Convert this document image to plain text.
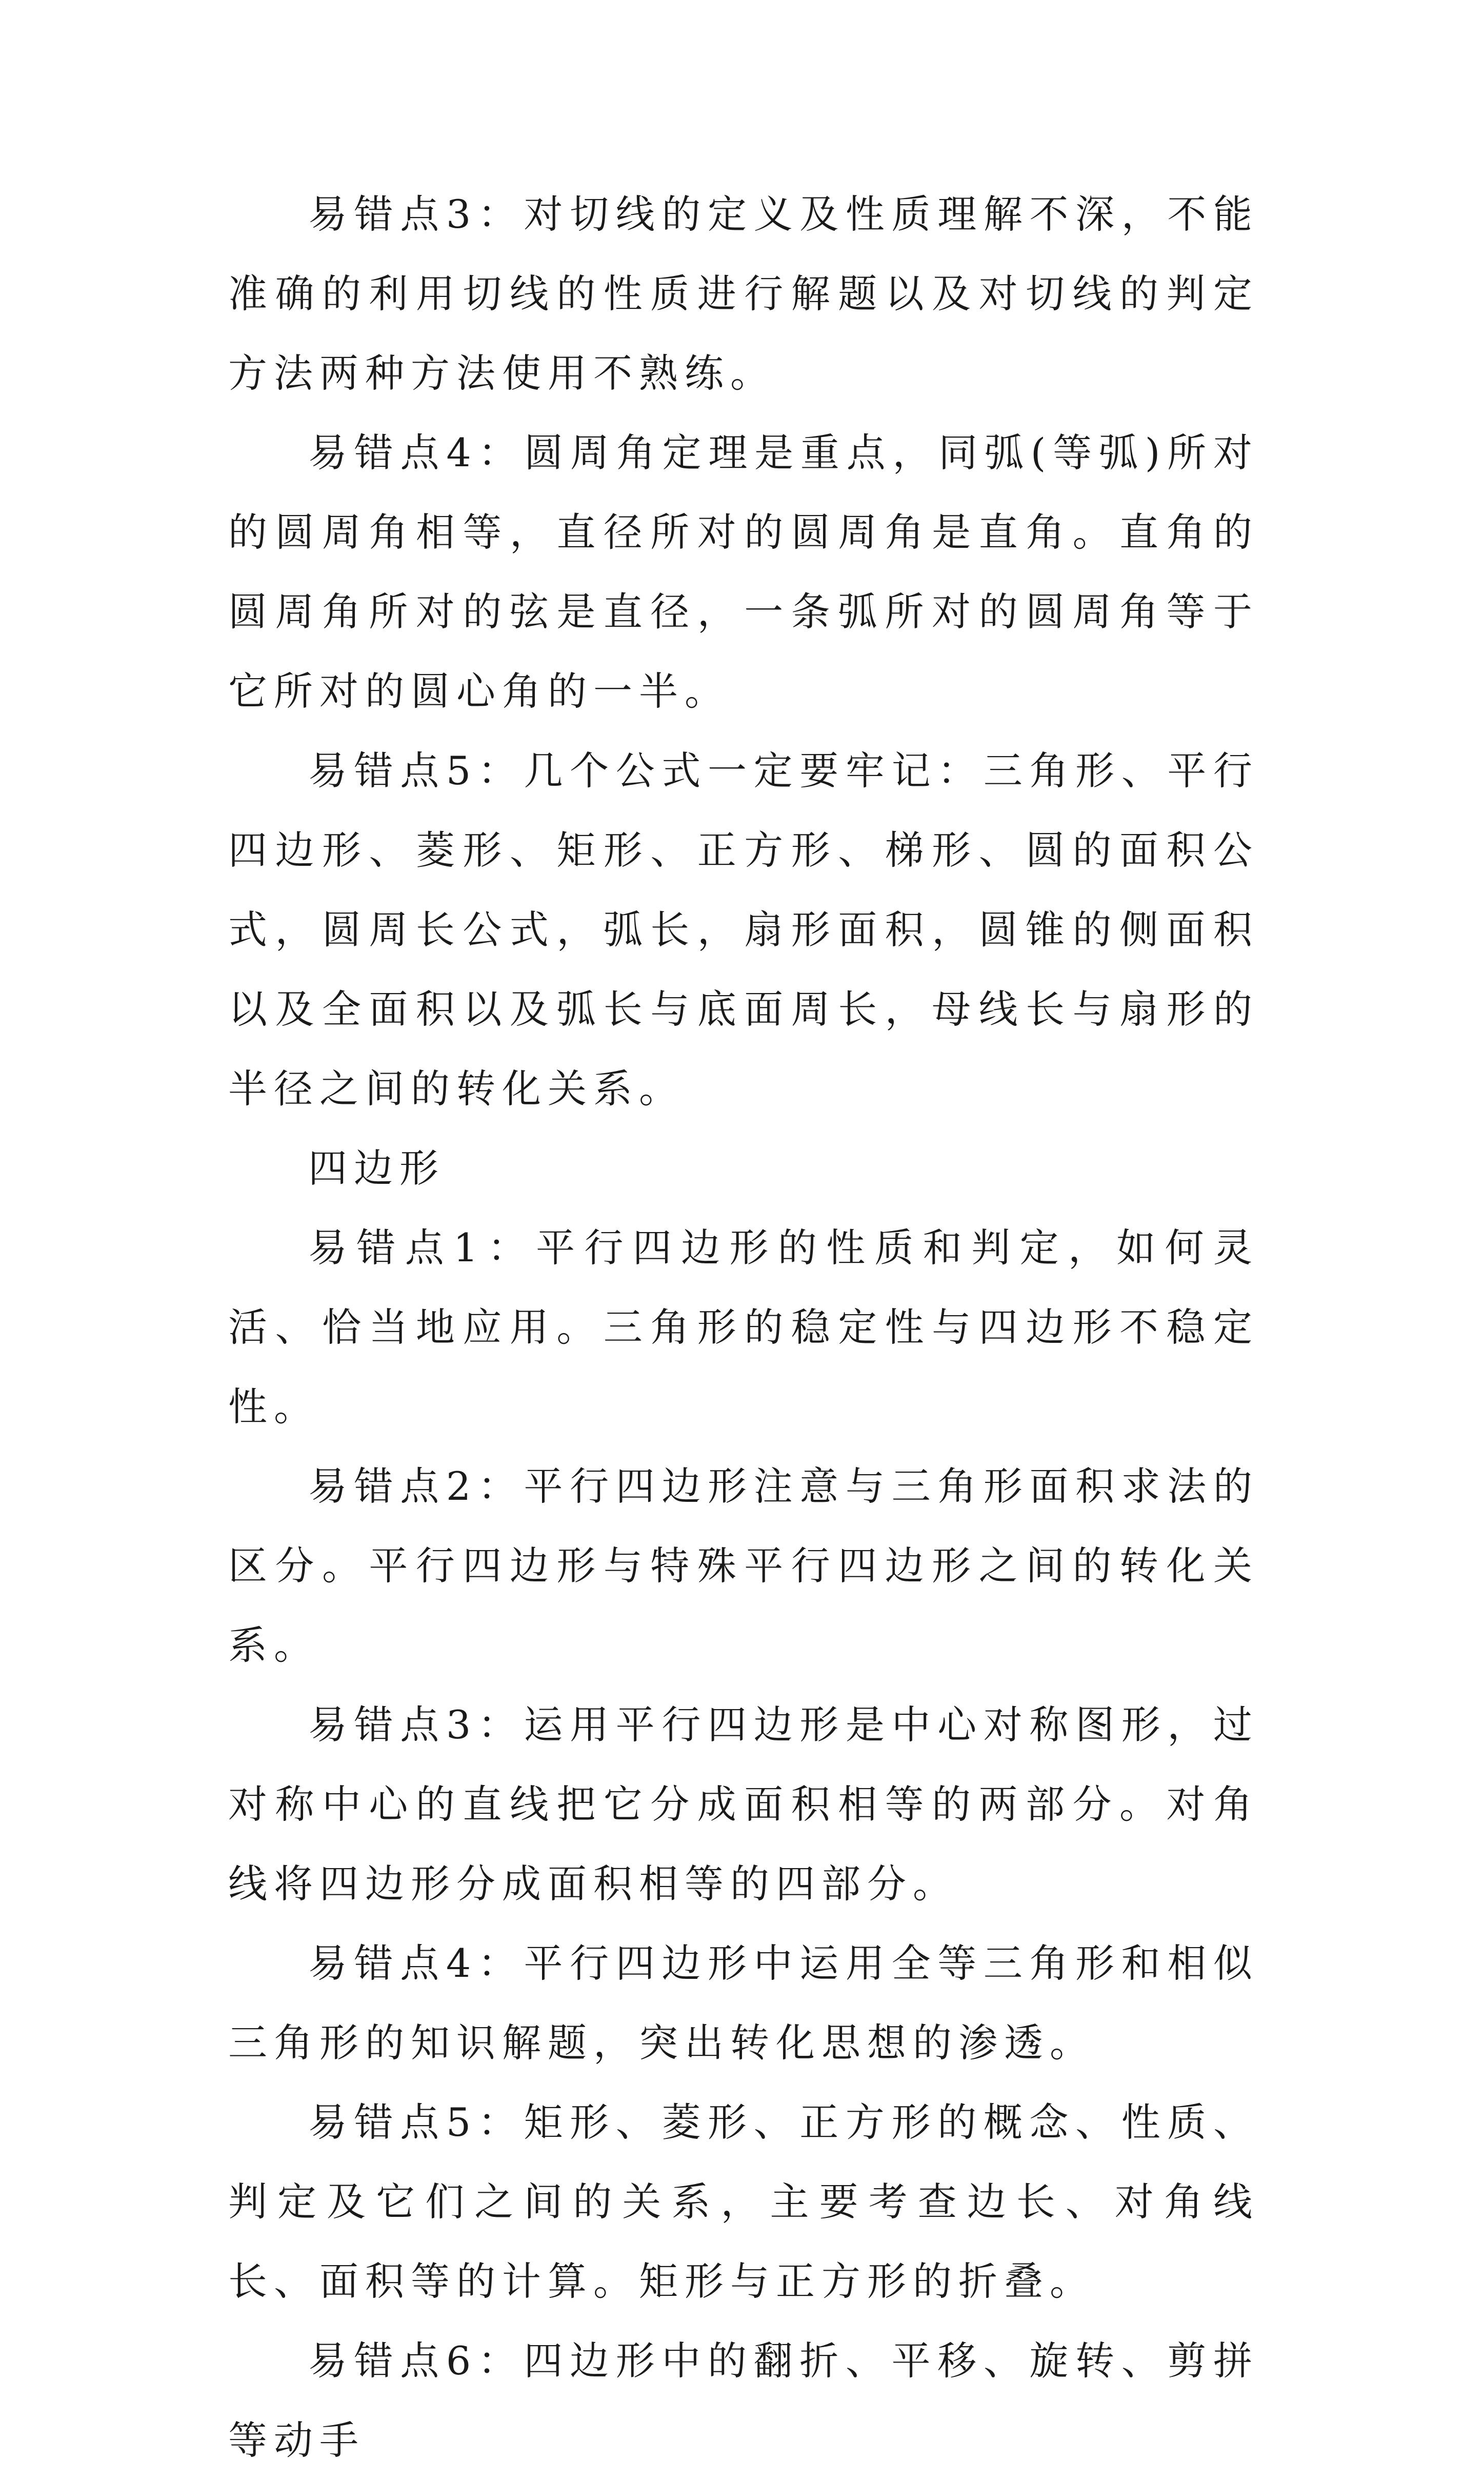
易错点3：对切线的定义及性质理解不深，不能准确的利用切线的性质进行解题以及对切线的判定方法两种方法使用不熟练。

易错点4：圆周角定理是重点，同弧(等弧)所对的圆周角相等，直径所对的圆周角是直角。直角的圆周角所对的弦是直径，一条弧所对的圆周角等于它所对的圆心角的一半。

易错点5：几个公式一定要牢记：三角形、平行四边形、菱形、矩形、正方形、梯形、圆的面积公式，圆周长公式，弧长，扇形面积，圆锥的侧面积以及全面积以及弧长与底面周长，母线长与扇形的半径之间的转化关系。

四边形

易错点1：平行四边形的性质和判定，如何灵活、恰当地应用。三角形的稳定性与四边形不稳定性。

易错点2：平行四边形注意与三角形面积求法的区分。平行四边形与特殊平行四边形之间的转化关系。

易错点3：运用平行四边形是中心对称图形，过对称中心的直线把它分成面积相等的两部分。对角线将四边形分成面积相等的四部分。

易错点4：平行四边形中运用全等三角形和相似三角形的知识解题，突出转化思想的渗透。

易错点5：矩形、菱形、正方形的概念、性质、判定及它们之间的关系，主要考查边长、对角线长、面积等的计算。矩形与正方形的折叠。

易错点6：四边形中的翻折、平移、旋转、剪拼等动手
